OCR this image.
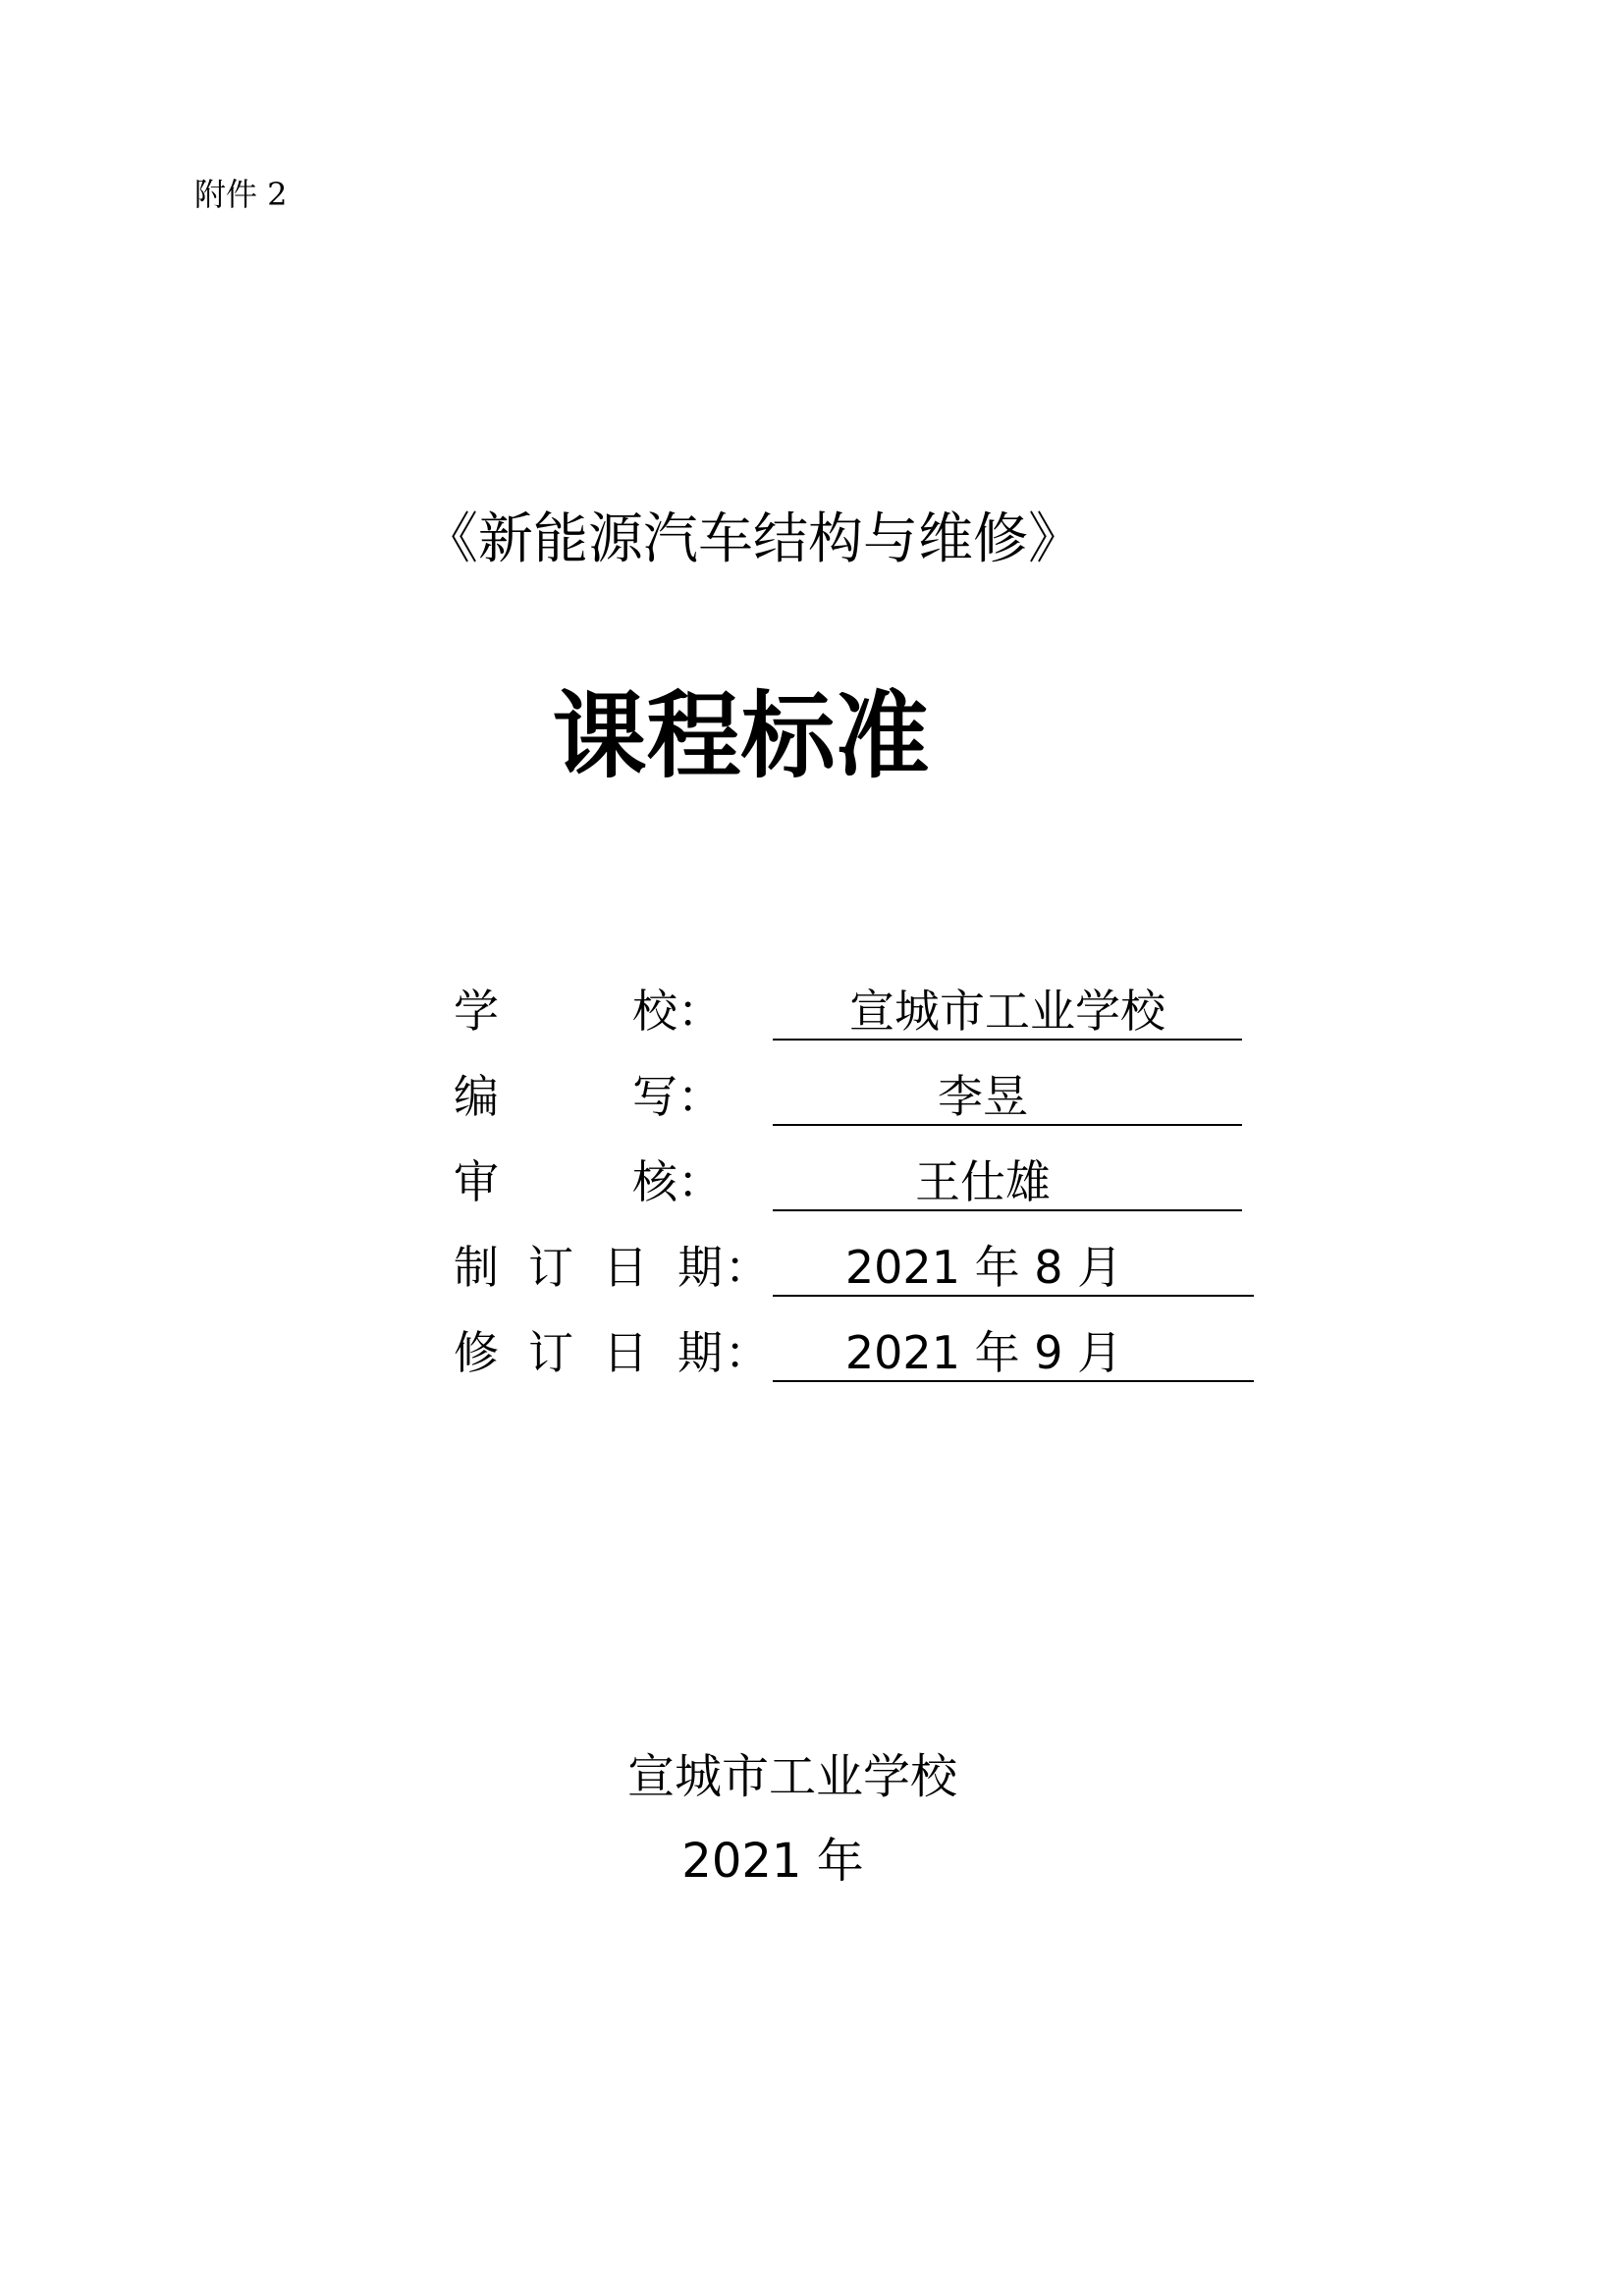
附件 2
《新能源汽车结构与维修》
课程标准
学	校 ：	宣城市工业学校
编	写 ：	李昱
审	核 ：	王仕雄
制 订 日 期 ：	2021 年 8 月
修 订 日 期 ：	2021 年 9 月
宣城市工业学校
2021 年
